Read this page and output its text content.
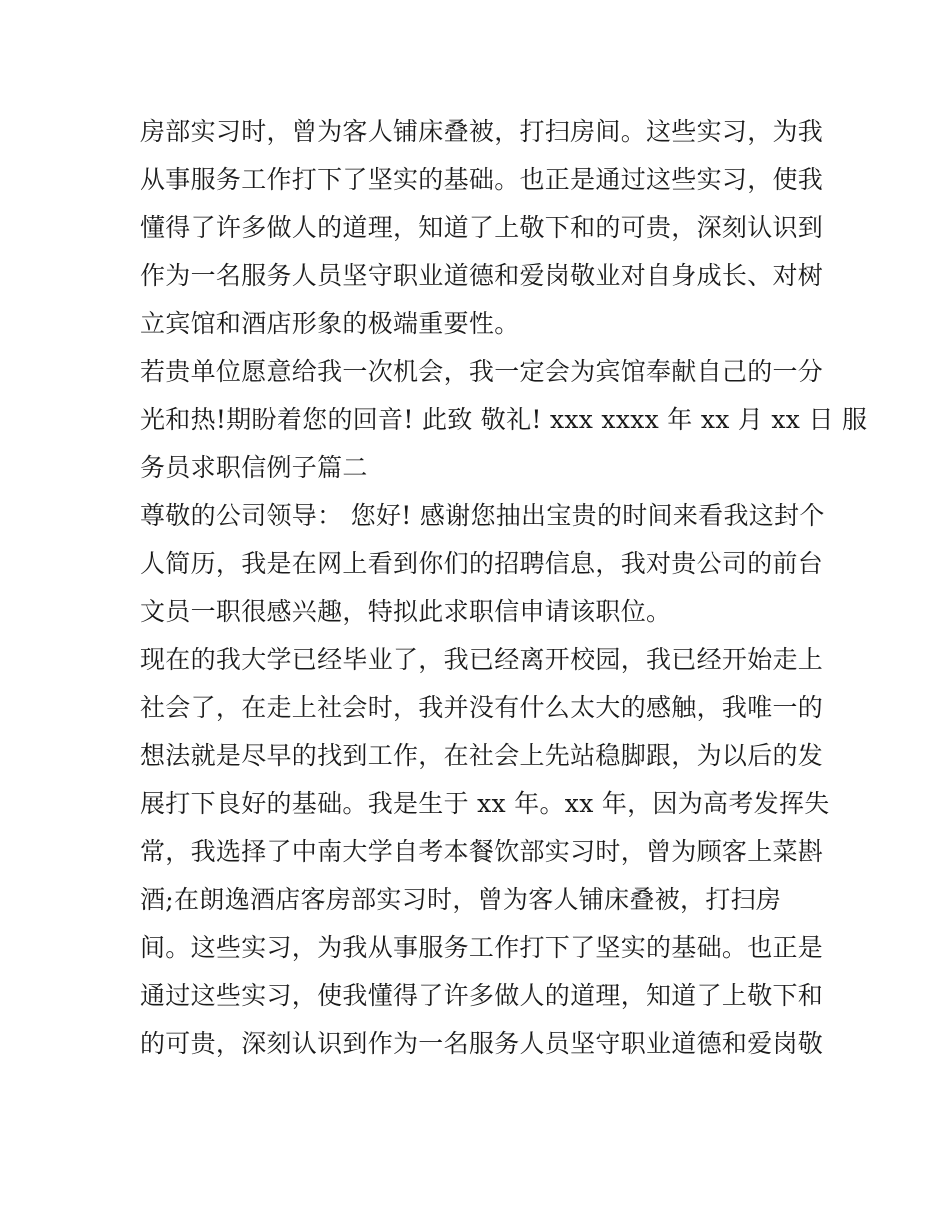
房部实习时，曾为客人铺床叠被，打扫房间。这些实习，为我
从事服务工作打下了坚实的基础。也正是通过这些实习，使我
懂得了许多做人的道理，知道了上敬下和的可贵，深刻认识到
作为一名服务人员坚守职业道德和爱岗敬业对自身成长、对树
立宾馆和酒店形象的极端重要性。
若贵单位愿意给我一次机会，我一定会为宾馆奉献自己的一分
光和热!期盼着您的回音! 此致 敬礼! xxx xxxx 年 xx 月 xx 日 服
务员求职信例子篇二
尊敬的公司领导： 您好! 感谢您抽出宝贵的时间来看我这封个
人简历，我是在网上看到你们的招聘信息，我对贵公司的前台
文员一职很感兴趣，特拟此求职信申请该职位。
现在的我大学已经毕业了，我已经离开校园，我已经开始走上
社会了，在走上社会时，我并没有什么太大的感触，我唯一的
想法就是尽早的找到工作，在社会上先站稳脚跟，为以后的发
展打下良好的基础。我是生于 xx 年。xx 年，因为高考发挥失
常，我选择了中南大学自考本餐饮部实习时，曾为顾客上菜斟
酒;在朗逸酒店客房部实习时，曾为客人铺床叠被，打扫房
间。这些实习，为我从事服务工作打下了坚实的基础。也正是
通过这些实习，使我懂得了许多做人的道理，知道了上敬下和
的可贵，深刻认识到作为一名服务人员坚守职业道德和爱岗敬
